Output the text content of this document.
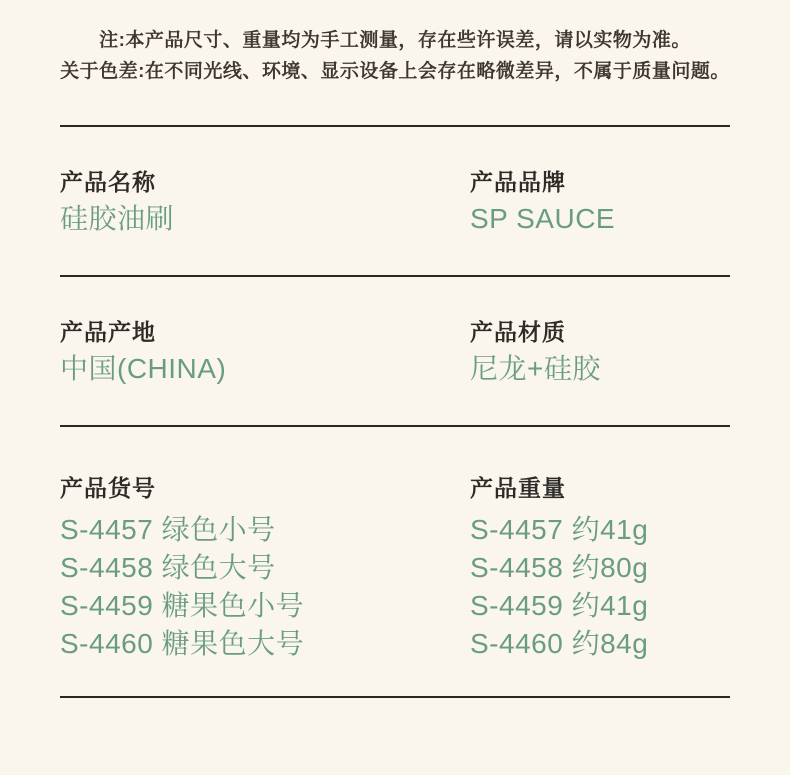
注:本产品尺寸、重量均为手工测量，存在些许误差，请以实物为准。
关于色差:在不同光线、环境、显示设备上会存在略微差异，不属于质量问题。
产品名称
硅胶油刷
产品品牌
SP SAUCE
产品产地
中国(CHINA)
产品材质
尼龙+硅胶
产品货号
S-4457 绿色小号
S-4458 绿色大号
S-4459 糖果色小号
S-4460 糖果色大号
产品重量
S-4457 约41g
S-4458 约80g
S-4459 约41g
S-4460 约84g
